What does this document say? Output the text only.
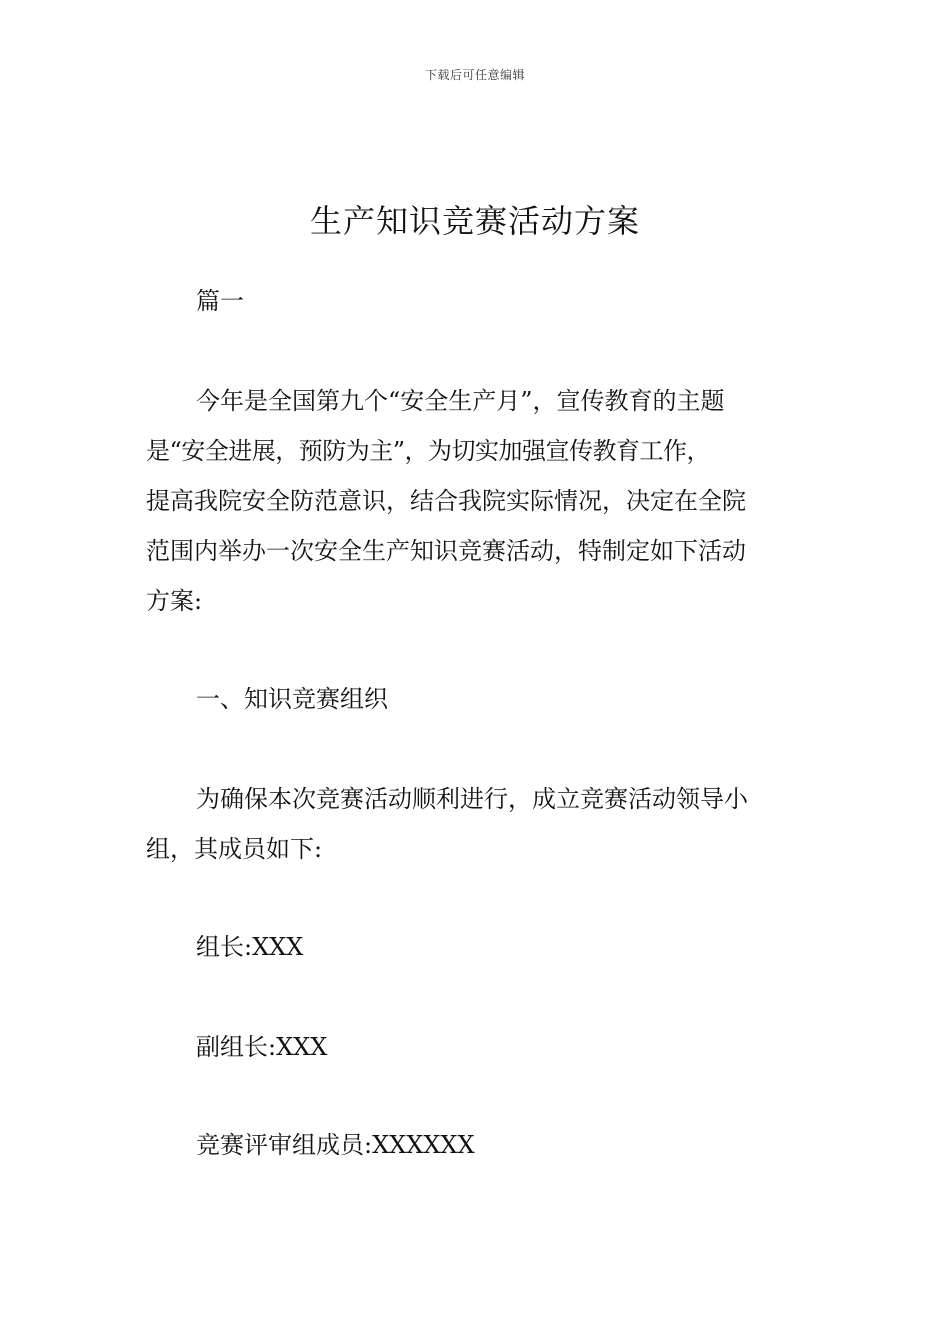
下载后可任意编辑
生产知识竞赛活动方案

篇一

今年是全国第九个“安全生产月”，宣传教育的主题
是“安全进展，预防为主”，为切实加强宣传教育工作，
提高我院安全防范意识，结合我院实际情况，决定在全院
范围内举办一次安全生产知识竞赛活动，特制定如下活动
方案:

一、知识竞赛组织

为确保本次竞赛活动顺利进行，成立竞赛活动领导小
组，其成员如下:

组长:XXX

副组长:XXX

竞赛评审组成员:XXXXXX
